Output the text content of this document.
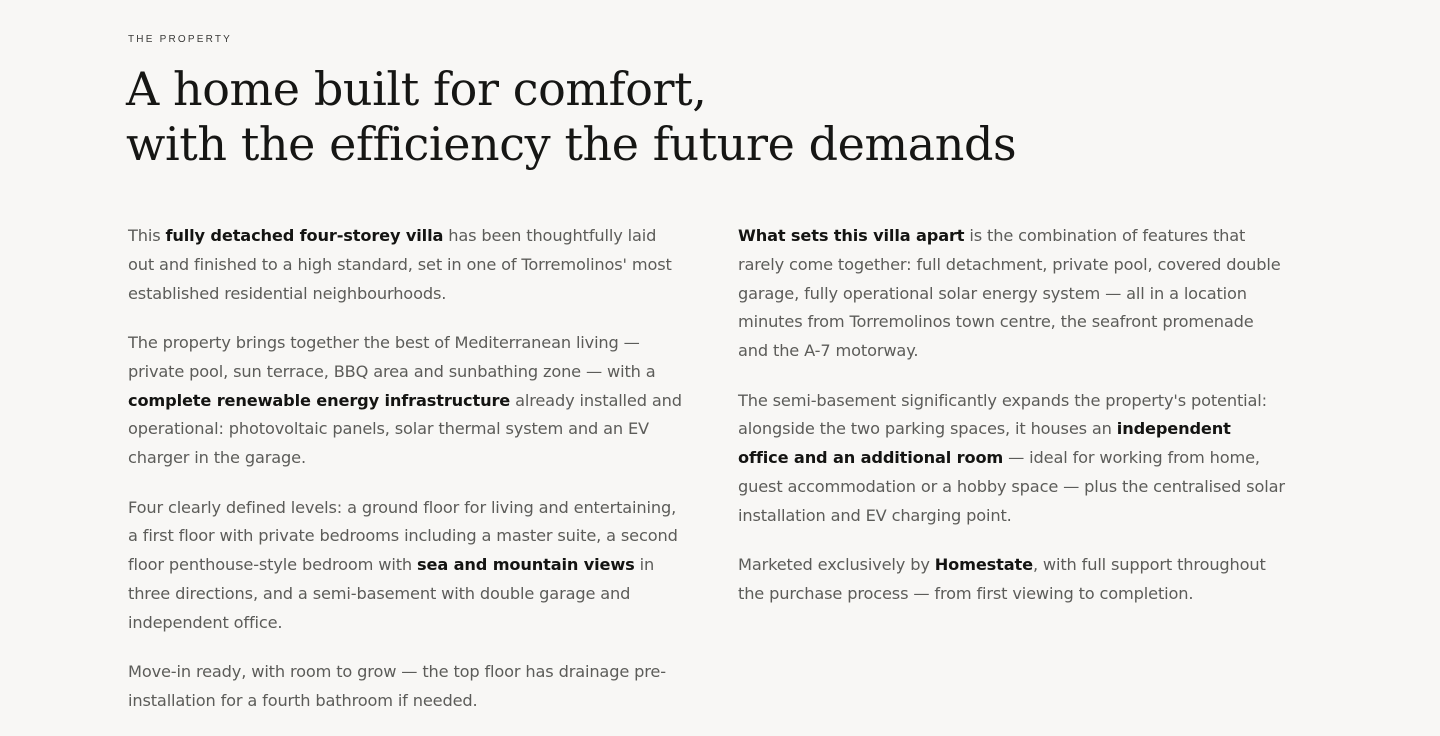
THE PROPERTY
A home built for comfort,
with the efficiency the future demands

This fully detached four-storey villa has been thoughtfully laid out and finished to a high standard, set in one of Torremolinos' most established residential neighbourhoods.

The property brings together the best of Mediterranean living — private pool, sun terrace, BBQ area and sunbathing zone — with a complete renewable energy infrastructure already installed and operational: photovoltaic panels, solar thermal system and an EV charger in the garage.

Four clearly defined levels: a ground floor for living and entertaining, a first floor with private bedrooms including a master suite, a second floor penthouse-style bedroom with sea and mountain views in three directions, and a semi-basement with double garage and independent office.

Move-in ready, with room to grow — the top floor has drainage pre-installation for a fourth bathroom if needed.

What sets this villa apart is the combination of features that rarely come together: full detachment, private pool, covered double garage, fully operational solar energy system — all in a location minutes from Torremolinos town centre, the seafront promenade and the A-7 motorway.

The semi-basement significantly expands the property's potential: alongside the two parking spaces, it houses an independent office and an additional room — ideal for working from home, guest accommodation or a hobby space — plus the centralised solar installation and EV charging point.

Marketed exclusively by Homestate, with full support throughout the purchase process — from first viewing to completion.
